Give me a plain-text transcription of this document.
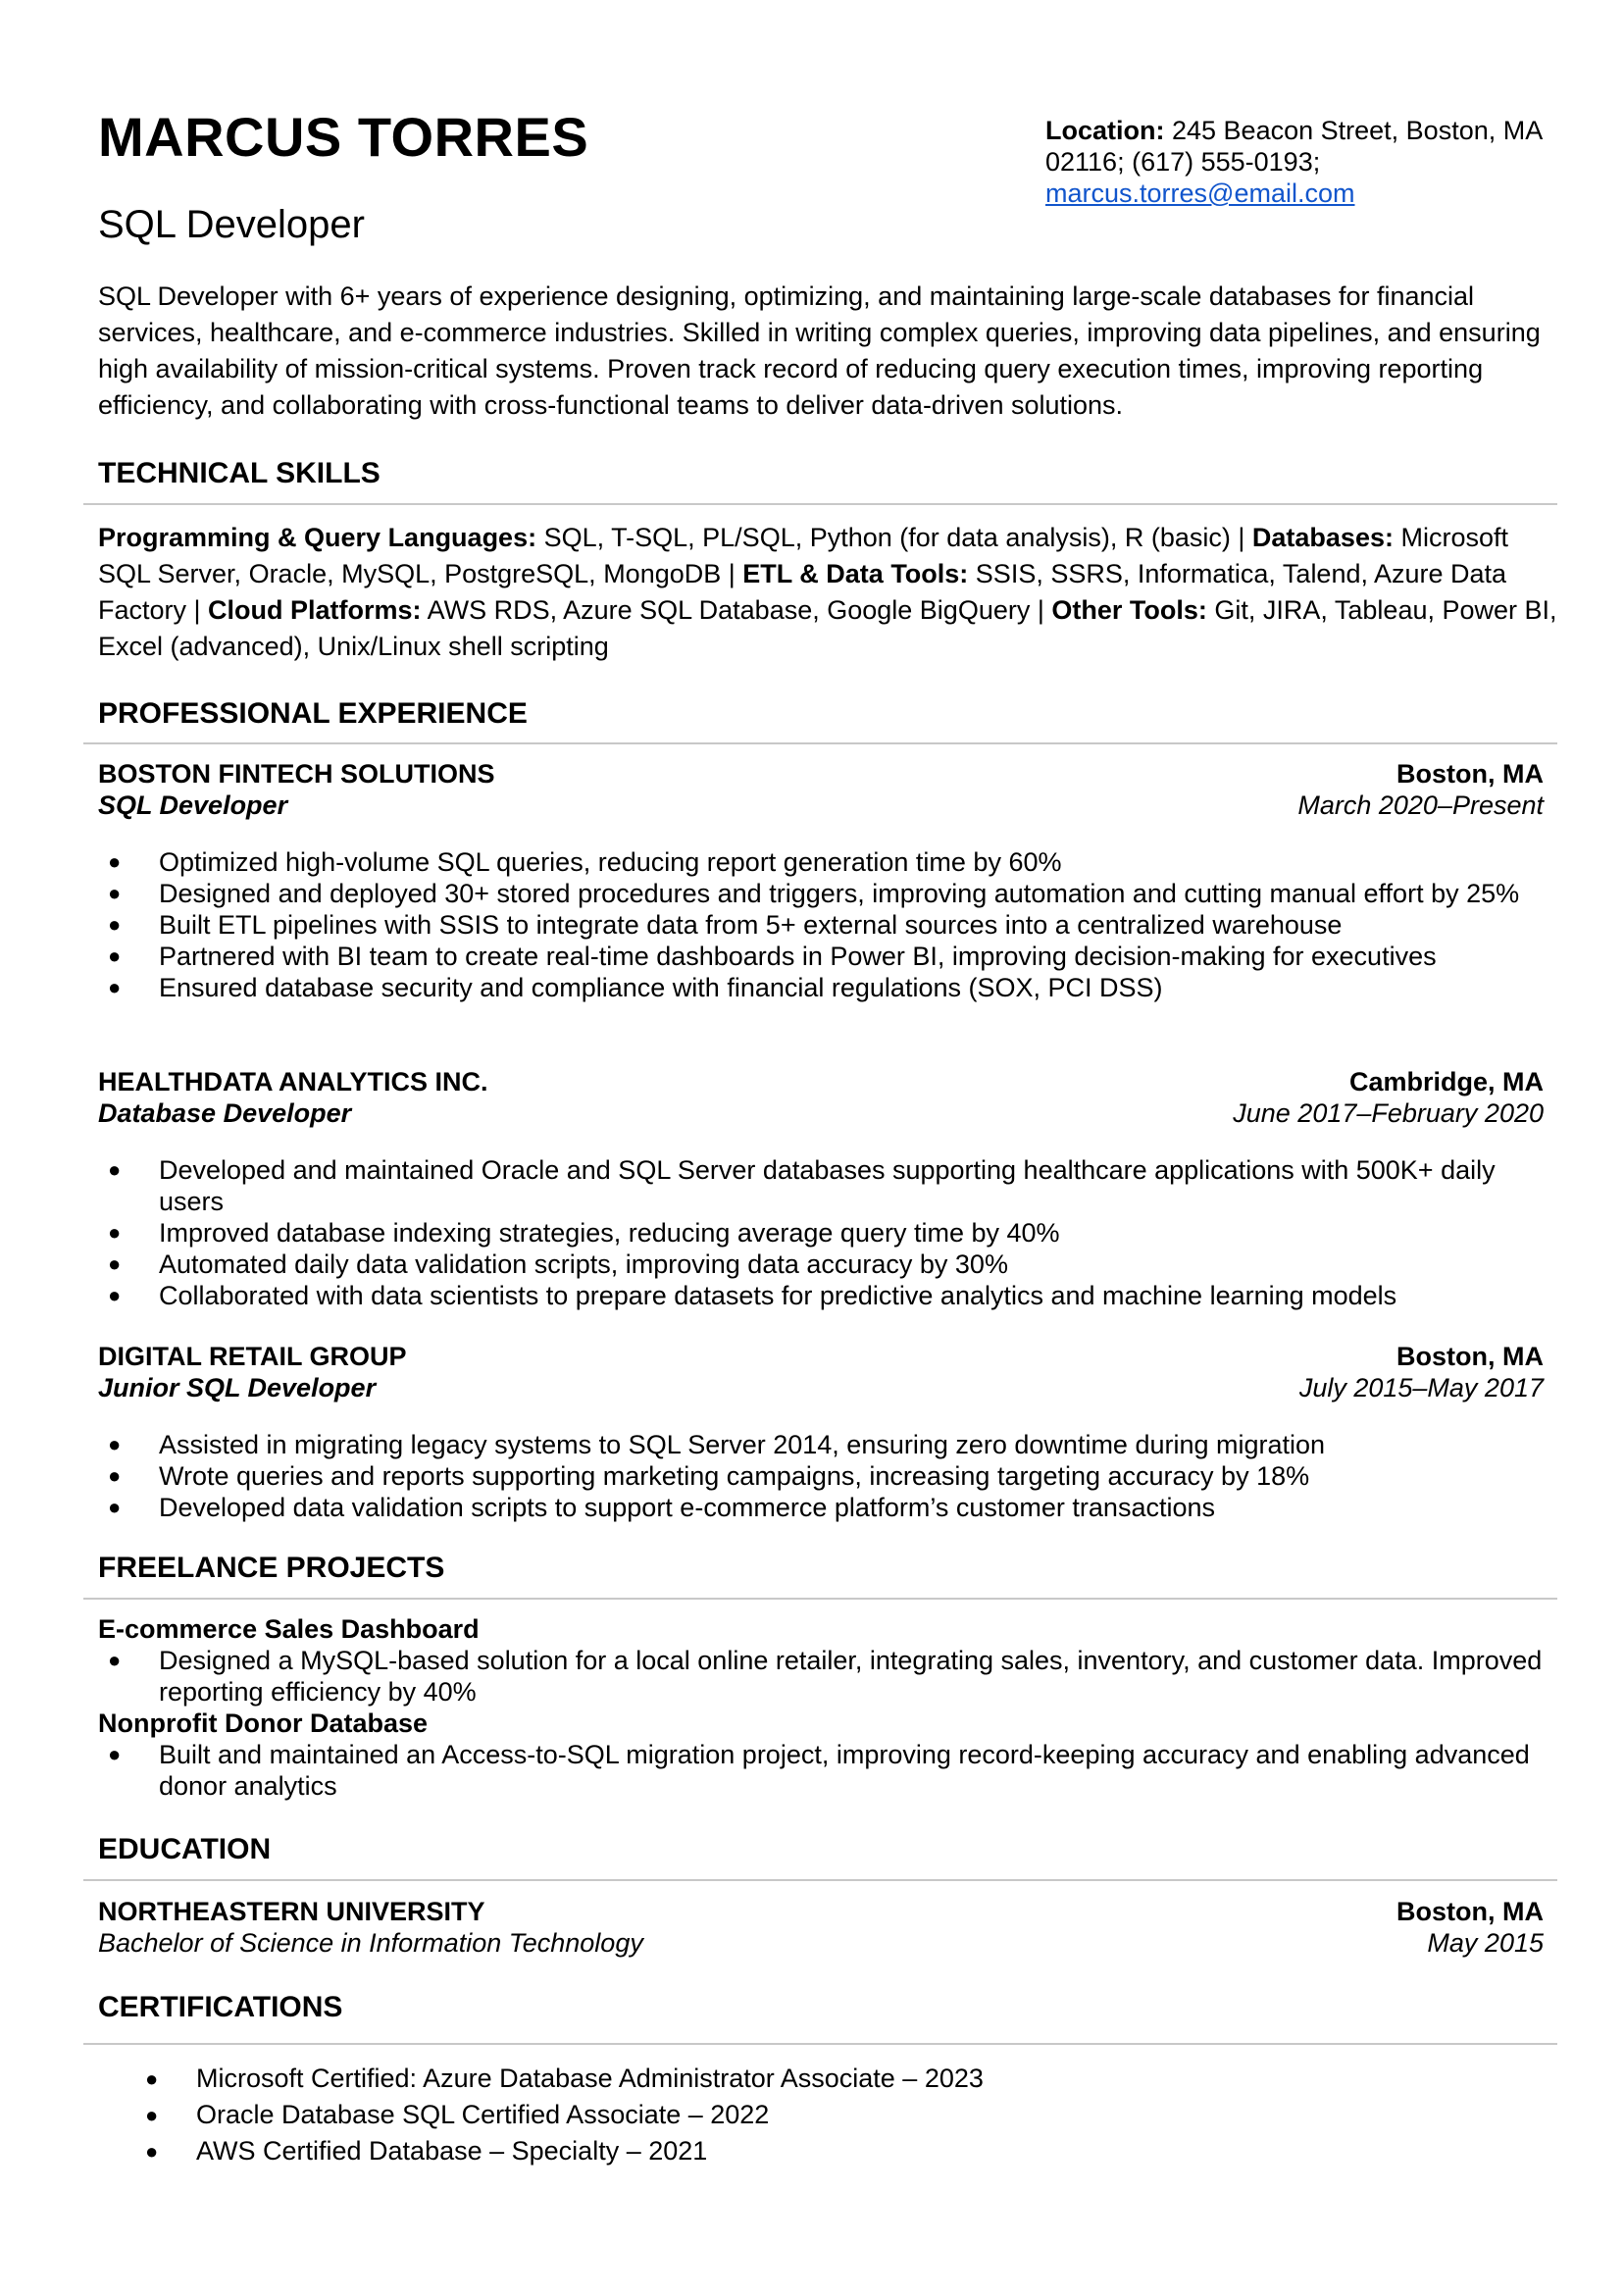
MARCUS TORRES
SQL Developer
Location: 245 Beacon Street, Boston, MA 02116; (617) 555-0193;
marcus.torres@email.com

SQL Developer with 6+ years of experience designing, optimizing, and maintaining large-scale databases for financial services, healthcare, and e-commerce industries. Skilled in writing complex queries, improving data pipelines, and ensuring high availability of mission-critical systems. Proven track record of reducing query execution times, improving reporting efficiency, and collaborating with cross-functional teams to deliver data-driven solutions.

TECHNICAL SKILLS

Programming & Query Languages: SQL, T-SQL, PL/SQL, Python (for data analysis), R (basic) | Databases: Microsoft SQL Server, Oracle, MySQL, PostgreSQL, MongoDB | ETL & Data Tools: SSIS, SSRS, Informatica, Talend, Azure Data Factory | Cloud Platforms: AWS RDS, Azure SQL Database, Google BigQuery | Other Tools: Git, JIRA, Tableau, Power BI, Excel (advanced), Unix/Linux shell scripting

PROFESSIONAL EXPERIENCE
BOSTON FINTECH SOLUTIONS	Boston, MA
SQL Developer	March 2020–Present
● Optimized high-volume SQL queries, reducing report generation time by 60%
● Designed and deployed 30+ stored procedures and triggers, improving automation and cutting manual effort by 25%
● Built ETL pipelines with SSIS to integrate data from 5+ external sources into a centralized warehouse
● Partnered with BI team to create real-time dashboards in Power BI, improving decision-making for executives
● Ensured database security and compliance with financial regulations (SOX, PCI DSS)
HEALTHDATA ANALYTICS INC.	Cambridge, MA
Database Developer	June 2017–February 2020
● Developed and maintained Oracle and SQL Server databases supporting healthcare applications with 500K+ daily users
● Improved database indexing strategies, reducing average query time by 40%
● Automated daily data validation scripts, improving data accuracy by 30%
● Collaborated with data scientists to prepare datasets for predictive analytics and machine learning models
DIGITAL RETAIL GROUP	Boston, MA
Junior SQL Developer	July 2015–May 2017
● Assisted in migrating legacy systems to SQL Server 2014, ensuring zero downtime during migration
● Wrote queries and reports supporting marketing campaigns, increasing targeting accuracy by 18%
● Developed data validation scripts to support e-commerce platform’s customer transactions
FREELANCE PROJECTS
E-commerce Sales Dashboard
● Designed a MySQL-based solution for a local online retailer, integrating sales, inventory, and customer data. Improved reporting efficiency by 40%
Nonprofit Donor Database
● Built and maintained an Access-to-SQL migration project, improving record-keeping accuracy and enabling advanced donor analytics
EDUCATION
NORTHEASTERN UNIVERSITY	Boston, MA
Bachelor of Science in Information Technology	May 2015
CERTIFICATIONS
● Microsoft Certified: Azure Database Administrator Associate – 2023
● Oracle Database SQL Certified Associate – 2022
● AWS Certified Database – Specialty – 2021
